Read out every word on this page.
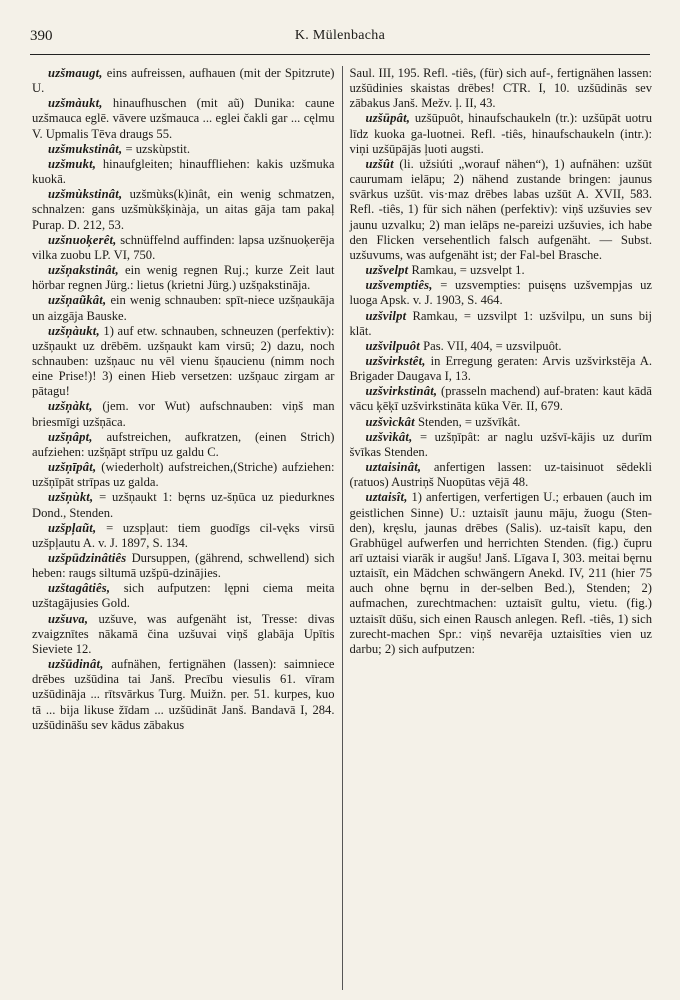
390	K. Mülenbacha

uzšmaugt, eins aufreissen, aufhauen (mit der Spitzrute) U.

uzšmàukt, hinaufhuschen (mit aũ) Dunika: caune uzšmauca eglē. vāvere uzšmauca ... eglei čakli gar ... cęlmu V. Upmalis Tēva draugs 55.

uzšmukstinât, = uzskùpstit.

uzšmukt, hinaufgleiten; hinauffliehen: kakis uzšmuka kuokā.

uzšmùkstinât, uzšmùks(k)inât, ein wenig schmatzen, schnalzen: gans uzšmùkšķinàja, un aitas gāja tam pakaļ Purap. D. 212, 53.

uzšnuoķerêt, schnüffelnd auffinden: lapsa uzšnuoķerēja vilka zuobu LP. VI, 750.

uzšņakstinât, ein wenig regnen Ruj.; kurze Zeit laut hörbar regnen Jürg.: lietus (krietni Jürg.) uzšņakstināja.

uzšņaũkât, ein wenig schnauben: spīt-niece uzšņaukāja un aizgāja Bauske.

uzšņàukt, 1) auf etw. schnauben, schneuzen (perfektiv): uzšņaukt uz drēbēm. uzšņaukt kam virsū; 2) dazu, noch schnauben: uzšņauc nu vēl vienu šņaucienu (nimm noch eine Prise!)! 3) einen Hieb versetzen: uzšņauc zirgam ar pātagu!

uzšņàkt, (jem. vor Wut) aufschnauben: viņš man briesmīgi uzšņāca.

uzšņâpt, aufstreichen, aufkratzen, (einen Strich) aufziehen: uzšņāpt strīpu uz galdu C.

uzšņīpât, (wiederholt) aufstreichen,(Striche) aufziehen: uzšņīpāt strīpas uz galda.

uzšņùkt, = uzšņaukt 1: bęrns uz-šņūca uz piedurknes Dond., Stenden.

uzšpļaũt, = uzspļaut: tiem guodīgs cil-vęks virsū uzšpļautu A. v. J. 1897, S. 134.

uzšpūdzinâtiês Dursuppen, (gährend, schwellend) sich heben: raugs siltumā uzšpū-dzinājies.

uzštagâtiês, sich aufputzen: lępni ciema meita uzštagājusies Gold.

uzšuva, uzšuve, was aufgenäht ist, Tresse: divas zvaigznītes nākamā čina uzšuvai viņš glabāja Upītis Sieviete 12.

uzšūdinât, aufnähen, fertignähen (lassen): saimniece drēbes uzšūdina tai Janš. Precību viesulis 61. vīram uzšūdināja ... rītsvārkus Turg. Muižn. per. 51. kurpes, kuo tā ... bija likuse žīdam ... uzšūdināt Janš. Bandavā I, 284. uzšūdināšu sev kādus zābakus

Saul. III, 195. Refl. -tiês, (für) sich auf-, fertignähen lassen: uzšūdinies skaistas drēbes! CTR. I, 10. uzšūdinās sev zābakus Janš. Mežv. ļ. II, 43.

uzšūpât, uzšūpuôt, hinaufschaukeln (tr.): uzšūpāt uotru līdz kuoka ga-luotnei. Refl. -tiês, hinaufschaukeln (intr.): viņi uzšūpājās ļuoti augsti.

uzšût (li. užsiúti „worauf nähen“), 1) aufnähen: uzšūt caurumam ielāpu; 2) nähend zustande bringen: jaunus svārkus uzšūt. vis·maz drēbes labas uzšūt A. XVII, 583. Refl. -tiês, 1) für sich nähen (perfektiv): viņš uzšuvies sev jaunu uzvalku; 2) man ielāps ne-pareizi uzšuvies, ich habe den Flicken versehentlich falsch aufgenäht. — Subst. uzšuvums, was aufgenäht ist; der Fal-bel Brasche.

uzšvelpt Ramkau, = uzsvelpt 1.

uzšvemptiês, = uzsvempties: puisęns uzšvempjas uz luoga Apsk. v. J. 1903, S. 464.

uzšvilpt Ramkau, = uzsvilpt 1: uzšvilpu, un suns bij klāt.

uzšvilpuôt Pas. VII, 404, = uzsvilpuôt.

uzšvirkstêt, in Erregung geraten: Arvis uzšvirkstēja A. Brigader Daugava I, 13.

uzšvirkstinât, (prasseln machend) auf-braten: kaut kādā vācu ķēķī uzšvirkstināta kūka Vēr. II, 679.

uzšvìckât Stenden, = uzšvīkât.

uzšvìkât, = uzšņīpât: ar naglu uzšvī-kājis uz durīm švīkas Stenden.

uztaisinât, anfertigen lassen: uz-taisinuot sēdekli (ratuos) Austriņš Nuopūtas vējā 48.

uztaisît, 1) anfertigen, verfertigen U.; erbauen (auch im geistlichen Sinne) U.: uztaisīt jaunu māju, žuogu (Sten-den), kręslu, jaunas drēbes (Salis). uz-taisīt kapu, den Grabhügel aufwerfen und herrichten Stenden. (fig.) čupru arī uztaisi viarāk ir augšu! Janš. Līgava I, 303. meitai bęrnu uztaisīt, ein Mädchen schwängern Anekd. IV, 211 (hier 75 auch ohne bęrnu in der-selben Bed.), Stenden; 2) aufmachen, zurechtmachen: uztaisīt gultu, vietu. (fig.) uztaisīt dūšu, sich einen Rausch anlegen. Refl. -tiês, 1) sich zurecht-machen Spr.: viņš nevarēja uztaisīties vien uz darbu; 2) sich aufputzen:
